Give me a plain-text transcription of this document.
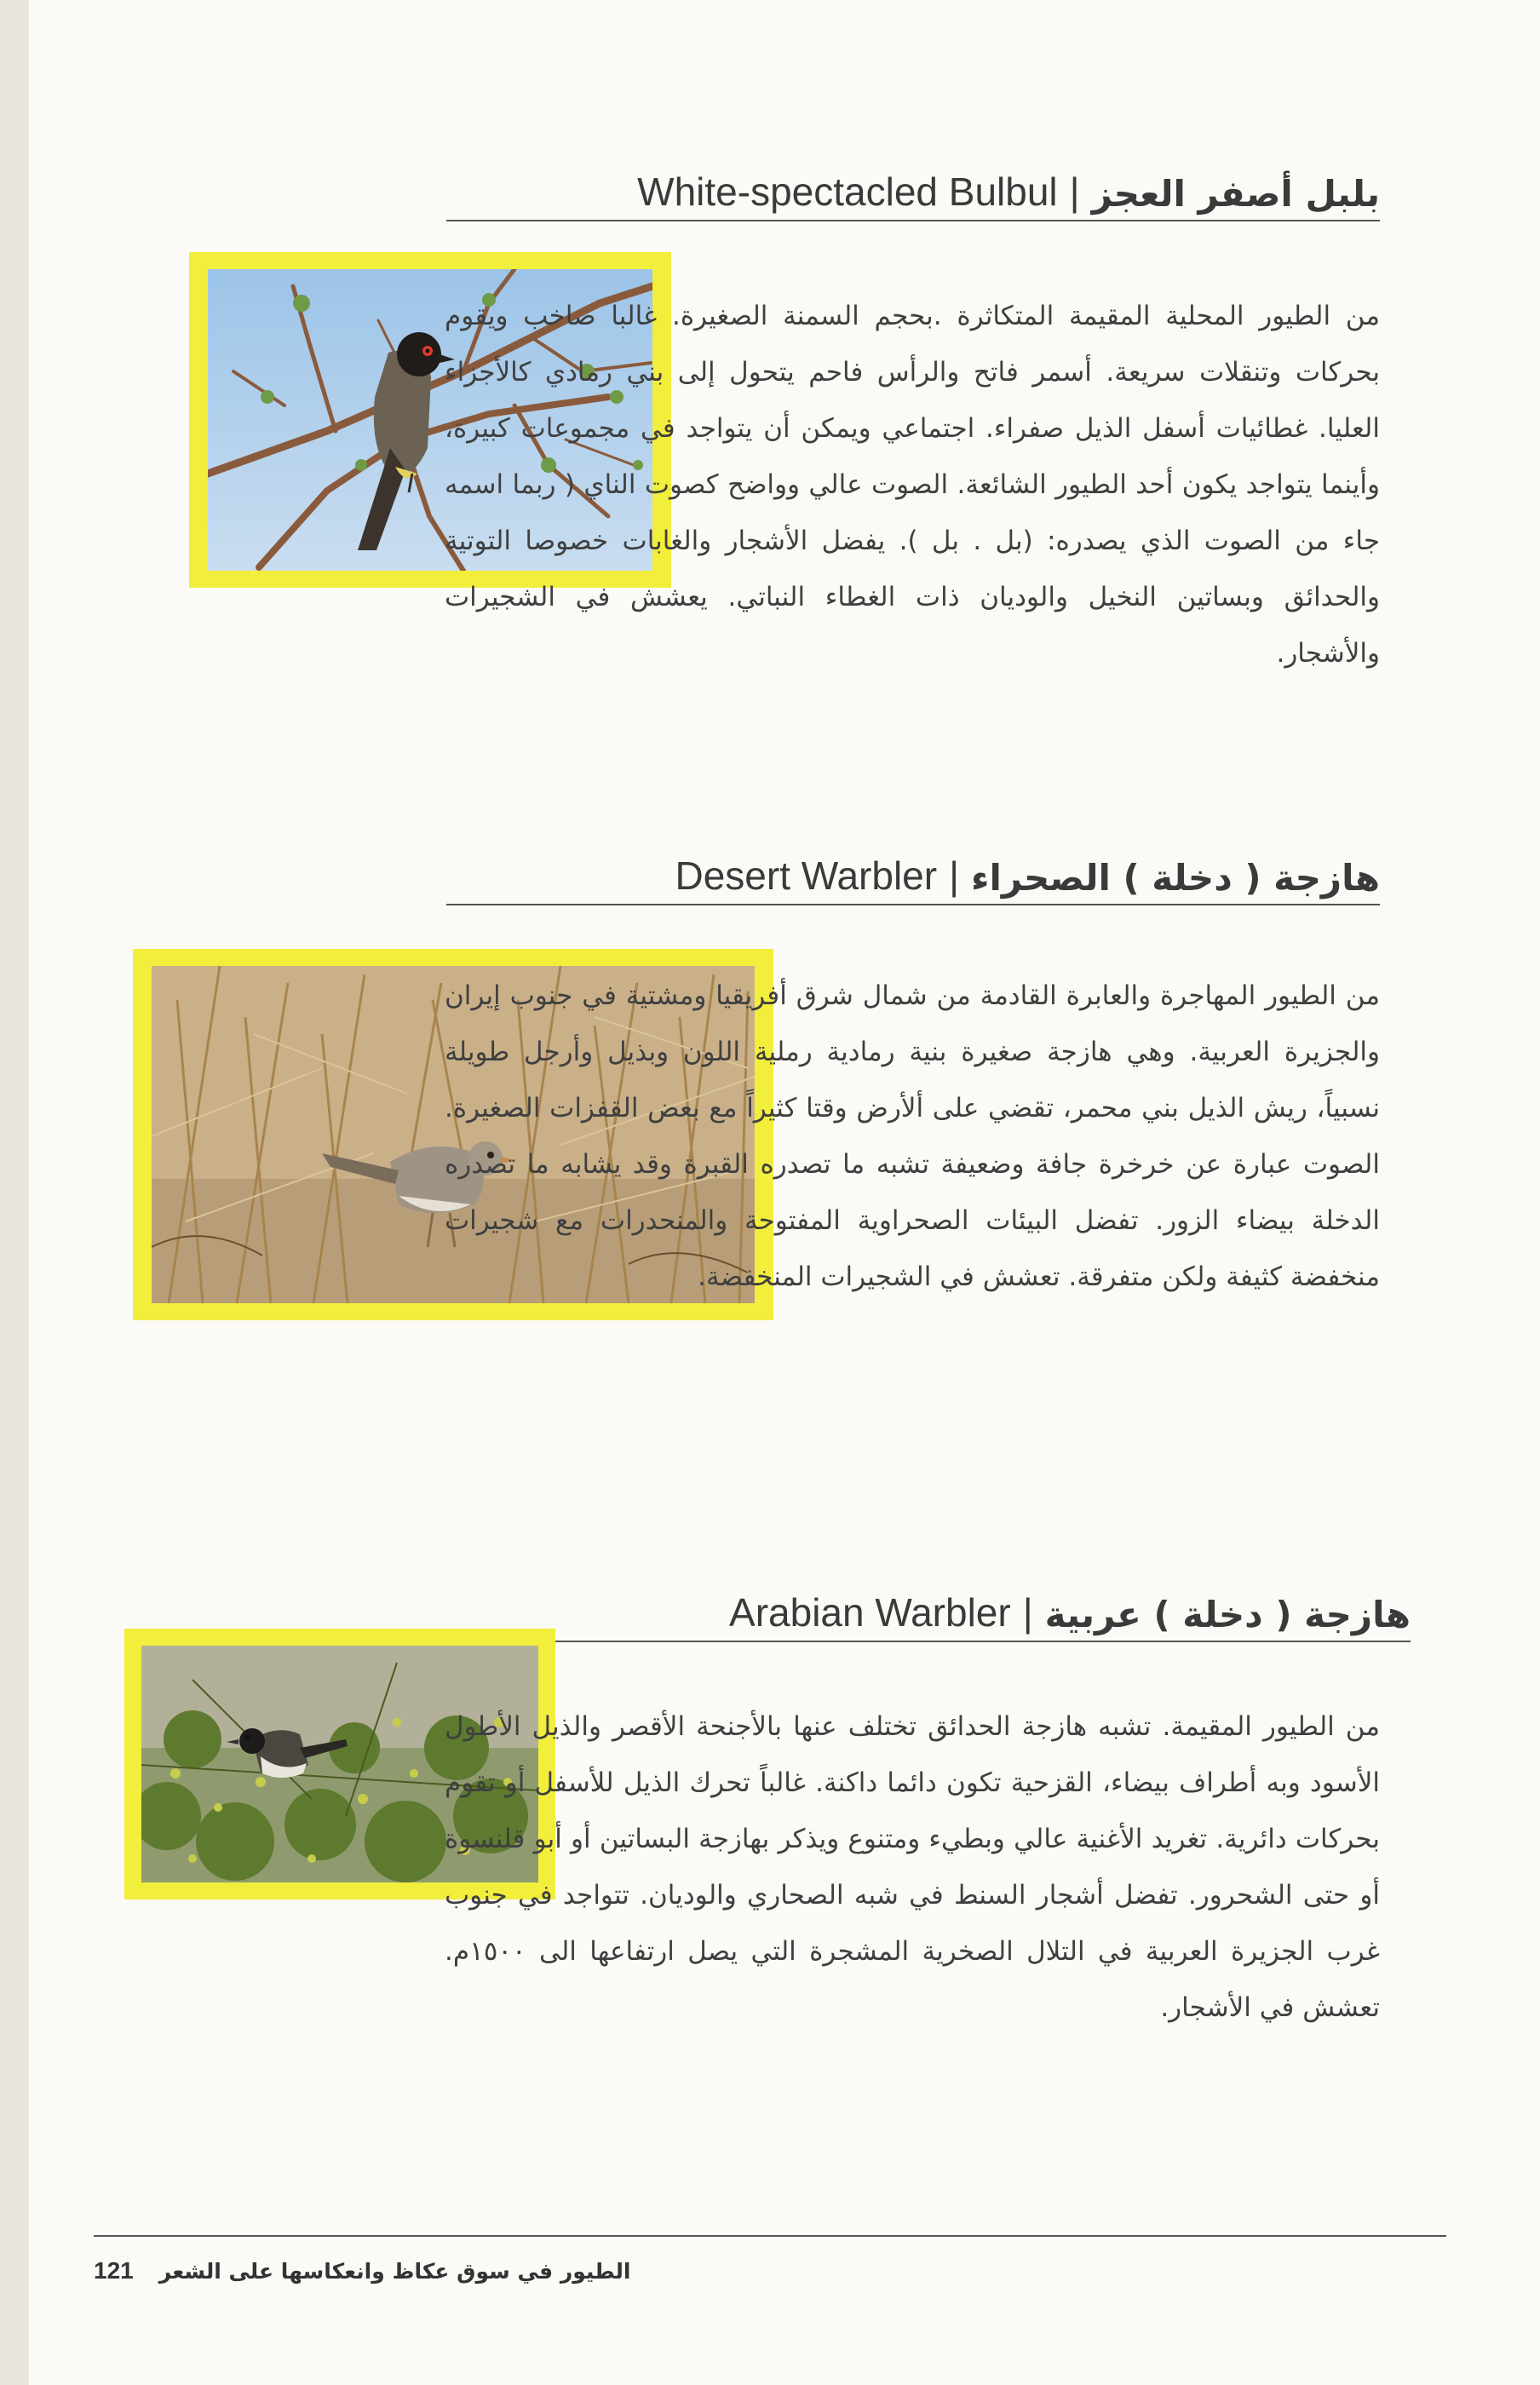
White-spectacled Bulbul | بلبل أصفر العجز
من الطيور المحلية المقيمة المتكاثرة .بحجم السمنة الصغيرة. غالبا صاخب ويقوم بحركات وتنقلات سريعة. أسمر فاتح والرأس فاحم يتحول إلى بني رمادي كالأجزاء العليا. غطائيات أسفل الذيل صفراء. اجتماعي ويمكن أن يتواجد في مجموعات كبيرة، وأينما يتواجد يكون أحد الطيور الشائعة. الصوت عالي وواضح كصوت الناي ( ربما اسمه جاء من الصوت الذي يصدره: (بل . بل ). يفضل الأشجار والغابات خصوصا التوتية والحدائق وبساتين النخيل والوديان ذات الغطاء النباتي. يعشش في الشجيرات والأشجار.
Desert Warbler | هازجة ( دخلة ) الصحراء
من الطيور المهاجرة والعابرة القادمة من شمال شرق أفريقيا ومشتية في جنوب إيران والجزيرة العربية. وهي هازجة صغيرة بنية رمادية رملية اللون وبذيل وأرجل طويلة نسبياً، ريش الذيل بني محمر، تقضي على ألأرض وقتا كثيراً مع بعض القفزات الصغيرة. الصوت عبارة عن خرخرة جافة وضعيفة تشبه ما تصدره القبرة وقد يشابه ما تصدره الدخلة بيضاء الزور. تفضل البيئات الصحراوية المفتوحة والمنحدرات مع شجيرات منخفضة كثيفة ولكن متفرقة. تعشش في الشجيرات المنخفضة.
Arabian Warbler | هازجة ( دخلة ) عربية
من الطيور المقيمة. تشبه هازجة الحدائق تختلف عنها بالأجنحة الأقصر والذيل الأطول الأسود وبه أطراف بيضاء، القزحية تكون دائما داكنة. غالباً تحرك الذيل للأسفل أو تقوم بحركات دائرية. تغريد الأغنية عالي وبطيء ومتنوع ويذكر بهازجة البساتين أو أبو قلنسوة أو حتى الشحرور. تفضل أشجار السنط في شبه الصحاري والوديان. تتواجد في جنوب غرب الجزيرة العربية في التلال الصخرية المشجرة التي يصل ارتفاعها الى ١٥٠٠م. تعشش في الأشجار.
121 الطيور في سوق عكاظ وانعكاسها على الشعر
